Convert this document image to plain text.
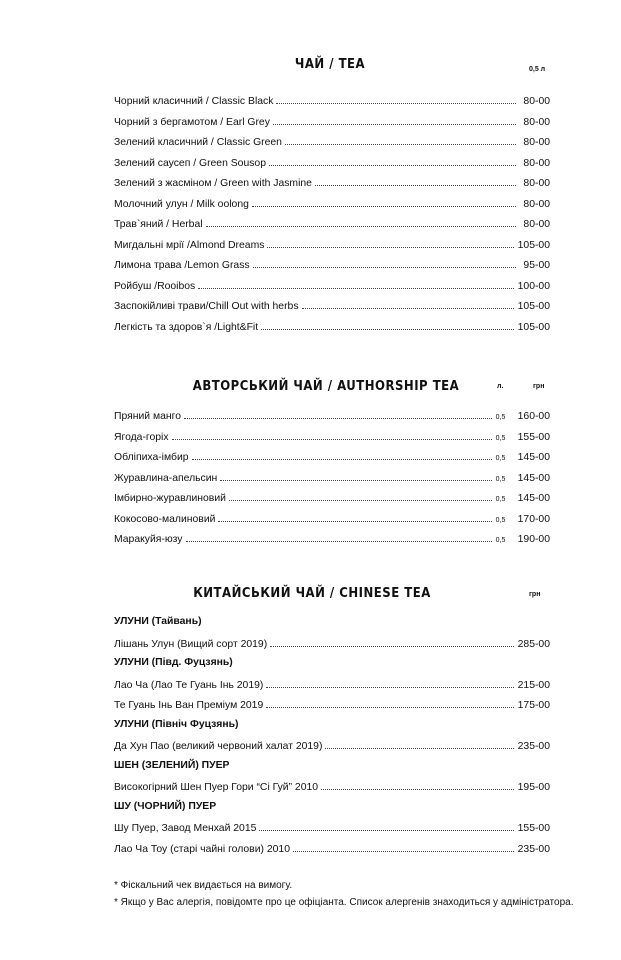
ЧАЙ / TEA	0,5 л
Чорний класичний / Classic Black	80-00
Чорний з бергамотом / Earl Grey	80-00
Зелений класичний / Classic Green	80-00
Зелений саусеп / Green Sousop	80-00
Зелений з жасміном / Green with Jasmine	80-00
Молочний улун / Milk oolong	80-00
Трав`яний / Herbal	80-00
Мигдальні мрії /Almond Dreams	105-00
Лимона трава /Lemon Grass	95-00
Ройбуш /Rooibos	100-00
Заспокійливі трави/Chill Out with herbs	105-00
Легкість та здоров`я /Light&Fit	105-00
АВТОРСЬКИЙ ЧАЙ / AUTHORSHIP TEA	л.	грн
Пряний манго	0,5	160-00
Ягода-горіх	0,5	155-00
Обліпиха-імбир	0,5	145-00
Журавлина-апельсин	0,5	145-00
Імбирно-журавлиновий	0,5	145-00
Кокосово-малиновий	0,5	170-00
Маракуйя-юзу	0,5	190-00
КИТАЙСЬКИЙ ЧАЙ / CHINESE TEA	грн
УЛУНИ (Тайвань)
Лішань Улун (Вищий сорт 2019)	285-00
УЛУНИ (Півд. Фуцзянь)
Лао Ча (Лао Те Гуань Інь 2019)	215-00
Те Гуань Інь Ван Преміум 2019	175-00
УЛУНИ (Північ Фуцзянь)
Да Хун Пао (великий червоний халат 2019)	235-00
ШЕН (ЗЕЛЕНИЙ) ПУЕР
Високогірний Шен Пуер Гори “Сі Гуй” 2010	195-00
ШУ (ЧОРНИЙ) ПУЕР
Шу Пуер, Завод Менхай 2015	155-00
Лао Ча Тоу (старі чайні голови) 2010	235-00
* Фіскальний чек видається на вимогу.
* Якщо у Вас алергія, повідомте про це офіціанта. Список алергенів знаходиться у адміністратора.
